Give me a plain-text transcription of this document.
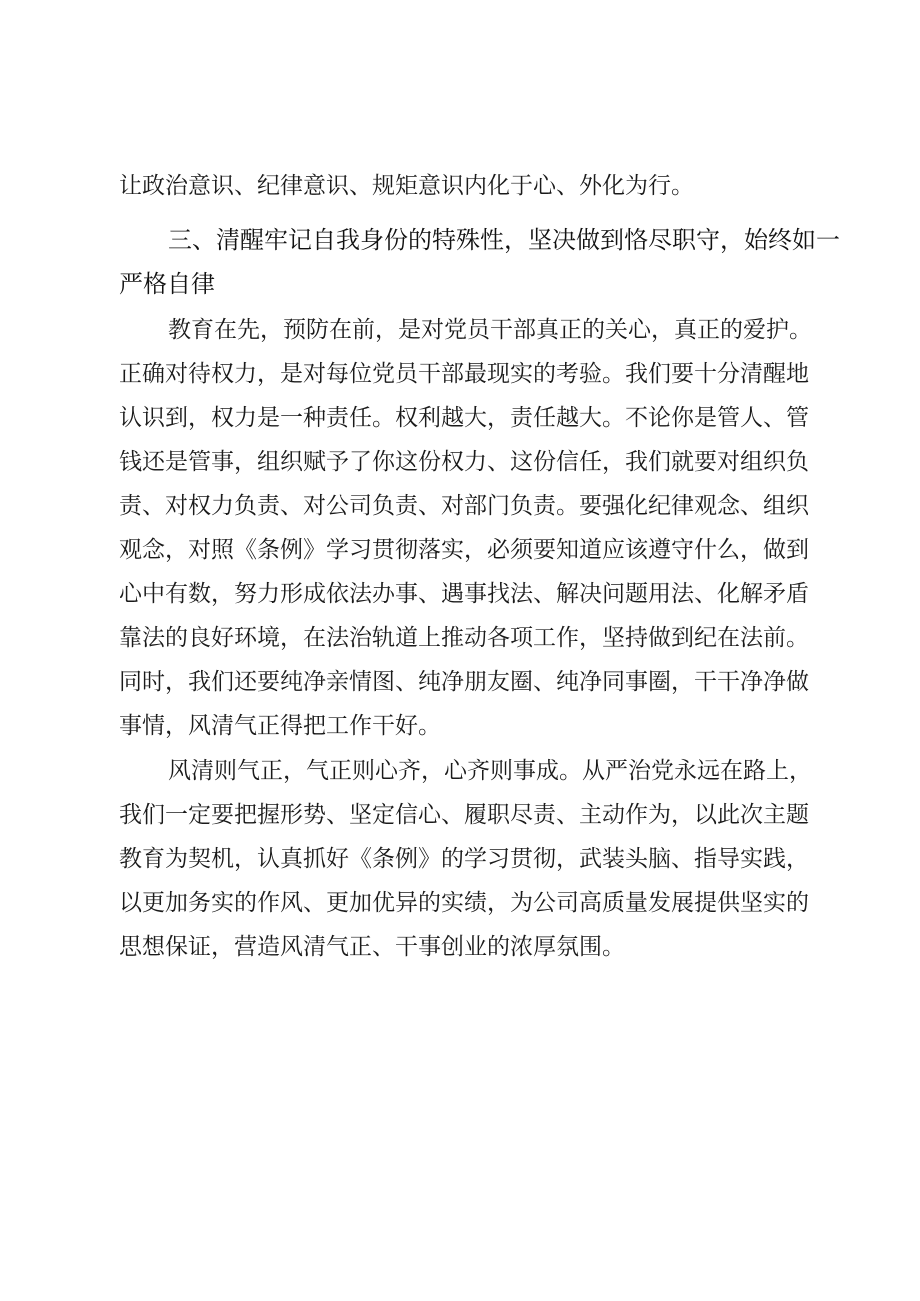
让政治意识、纪律意识、规矩意识内化于心、外化为行。
三、清醒牢记自我身份的特殊性，坚决做到恪尽职守，始终如一
严格自律
教育在先，预防在前，是对党员干部真正的关心，真正的爱护。
正确对待权力，是对每位党员干部最现实的考验。我们要十分清醒地
认识到，权力是一种责任。权利越大，责任越大。不论你是管人、管
钱还是管事，组织赋予了你这份权力、这份信任，我们就要对组织负
责、对权力负责、对公司负责、对部门负责。要强化纪律观念、组织
观念，对照《条例》学习贯彻落实，必须要知道应该遵守什么，做到
心中有数，努力形成依法办事、遇事找法、解决问题用法、化解矛盾
靠法的良好环境，在法治轨道上推动各项工作，坚持做到纪在法前。
同时，我们还要纯净亲情图、纯净朋友圈、纯净同事圈，干干净净做
事情，风清气正得把工作干好。
风清则气正，气正则心齐，心齐则事成。从严治党永远在路上，
我们一定要把握形势、坚定信心、履职尽责、主动作为，以此次主题
教育为契机，认真抓好《条例》的学习贯彻，武装头脑、指导实践，
以更加务实的作风、更加优异的实绩，为公司高质量发展提供坚实的
思想保证，营造风清气正、干事创业的浓厚氛围。
